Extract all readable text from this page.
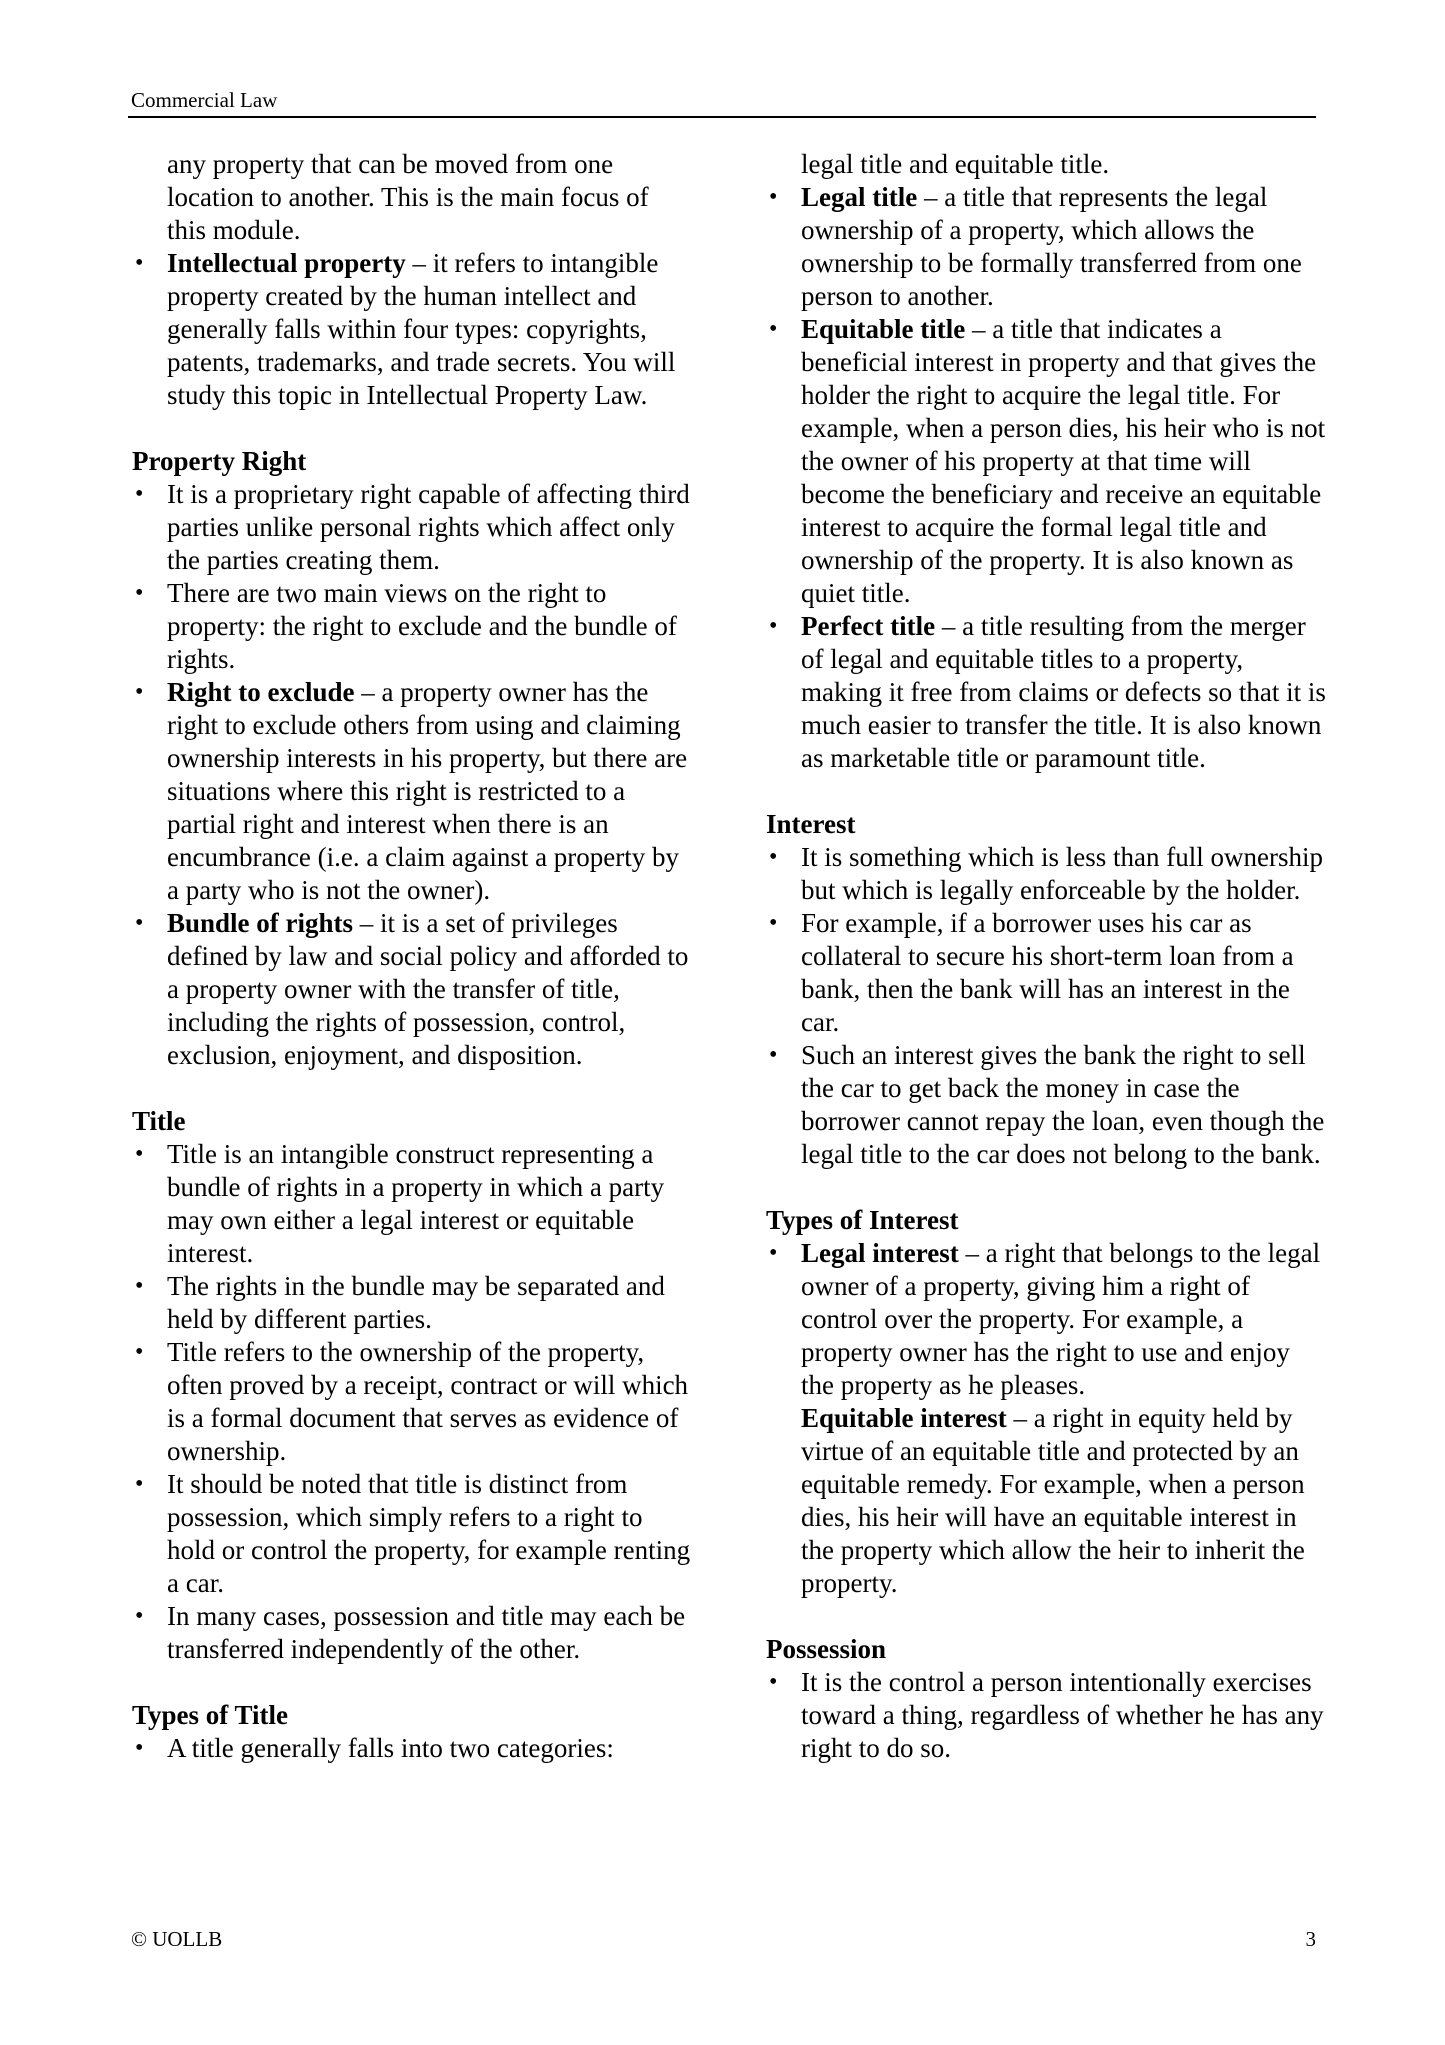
Commercial Law
any property that can be moved from one location to another. This is the main focus of this module.
• Intellectual property – it refers to intangible property created by the human intellect and generally falls within four types: copyrights, patents, trademarks, and trade secrets. You will study this topic in Intellectual Property Law.
Property Right
• It is a proprietary right capable of affecting third parties unlike personal rights which affect only the parties creating them.
• There are two main views on the right to property: the right to exclude and the bundle of rights.
• Right to exclude – a property owner has the right to exclude others from using and claiming ownership interests in his property, but there are situations where this right is restricted to a partial right and interest when there is an encumbrance (i.e. a claim against a property by a party who is not the owner).
• Bundle of rights – it is a set of privileges defined by law and social policy and afforded to a property owner with the transfer of title, including the rights of possession, control, exclusion, enjoyment, and disposition.
Title
• Title is an intangible construct representing a bundle of rights in a property in which a party may own either a legal interest or equitable interest.
• The rights in the bundle may be separated and held by different parties.
• Title refers to the ownership of the property, often proved by a receipt, contract or will which is a formal document that serves as evidence of ownership.
• It should be noted that title is distinct from possession, which simply refers to a right to hold or control the property, for example renting a car.
• In many cases, possession and title may each be transferred independently of the other.
Types of Title
• A title generally falls into two categories:
legal title and equitable title.
• Legal title – a title that represents the legal ownership of a property, which allows the ownership to be formally transferred from one person to another.
• Equitable title – a title that indicates a beneficial interest in property and that gives the holder the right to acquire the legal title. For example, when a person dies, his heir who is not the owner of his property at that time will become the beneficiary and receive an equitable interest to acquire the formal legal title and ownership of the property. It is also known as quiet title.
• Perfect title – a title resulting from the merger of legal and equitable titles to a property, making it free from claims or defects so that it is much easier to transfer the title. It is also known as marketable title or paramount title.
Interest
• It is something which is less than full ownership but which is legally enforceable by the holder.
• For example, if a borrower uses his car as collateral to secure his short-term loan from a bank, then the bank will has an interest in the car.
• Such an interest gives the bank the right to sell the car to get back the money in case the borrower cannot repay the loan, even though the legal title to the car does not belong to the bank.
Types of Interest
• Legal interest – a right that belongs to the legal owner of a property, giving him a right of control over the property. For example, a property owner has the right to use and enjoy the property as he pleases.
Equitable interest – a right in equity held by virtue of an equitable title and protected by an equitable remedy. For example, when a person dies, his heir will have an equitable interest in the property which allow the heir to inherit the property.
Possession
• It is the control a person intentionally exercises toward a thing, regardless of whether he has any right to do so.
© UOLLB	3
